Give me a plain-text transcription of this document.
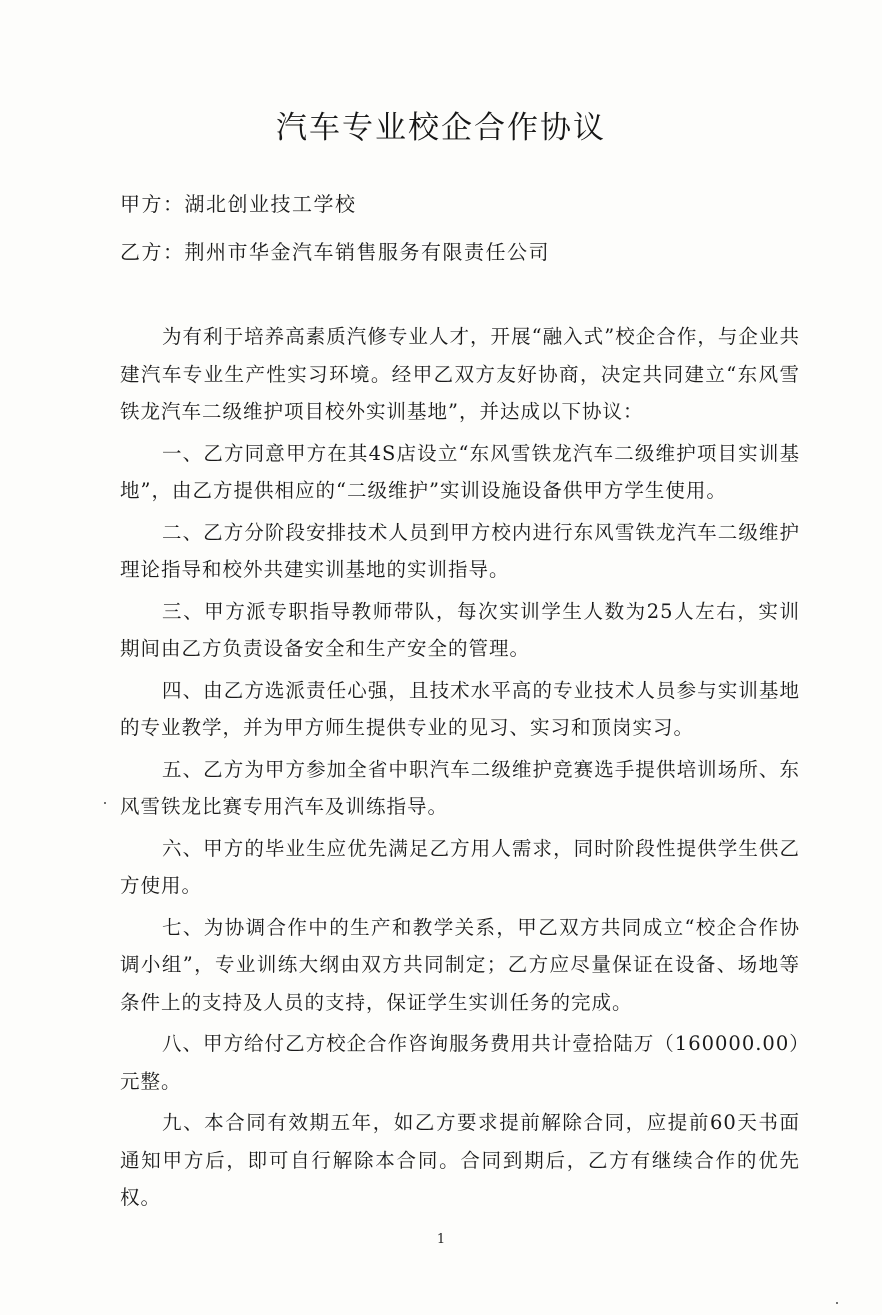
汽车专业校企合作协议
甲方：湖北创业技工学校
乙方：荆州市华金汽车销售服务有限责任公司

为有利于培养高素质汽修专业人才，开展“融入式”校企合作，与企业共建汽车专业生产性实习环境。经甲乙双方友好协商，决定共同建立“东风雪铁龙汽车二级维护项目校外实训基地”，并达成以下协议：

一、乙方同意甲方在其4S店设立“东风雪铁龙汽车二级维护项目实训基地”，由乙方提供相应的“二级维护”实训设施设备供甲方学生使用。

二、乙方分阶段安排技术人员到甲方校内进行东风雪铁龙汽车二级维护理论指导和校外共建实训基地的实训指导。

三、甲方派专职指导教师带队，每次实训学生人数为25人左右，实训期间由乙方负责设备安全和生产安全的管理。

四、由乙方选派责任心强，且技术水平高的专业技术人员参与实训基地的专业教学，并为甲方师生提供专业的见习、实习和顶岗实习。

五、乙方为甲方参加全省中职汽车二级维护竞赛选手提供培训场所、东风雪铁龙比赛专用汽车及训练指导。

六、甲方的毕业生应优先满足乙方用人需求，同时阶段性提供学生供乙方使用。

七、为协调合作中的生产和教学关系，甲乙双方共同成立“校企合作协调小组”，专业训练大纲由双方共同制定；乙方应尽量保证在设备、场地等条件上的支持及人员的支持，保证学生实训任务的完成。

八、甲方给付乙方校企合作咨询服务费用共计壹拾陆万（160000.00）元整。

九、本合同有效期五年，如乙方要求提前解除合同，应提前60天书面通知甲方后，即可自行解除本合同。合同到期后，乙方有继续合作的优先权。

1
